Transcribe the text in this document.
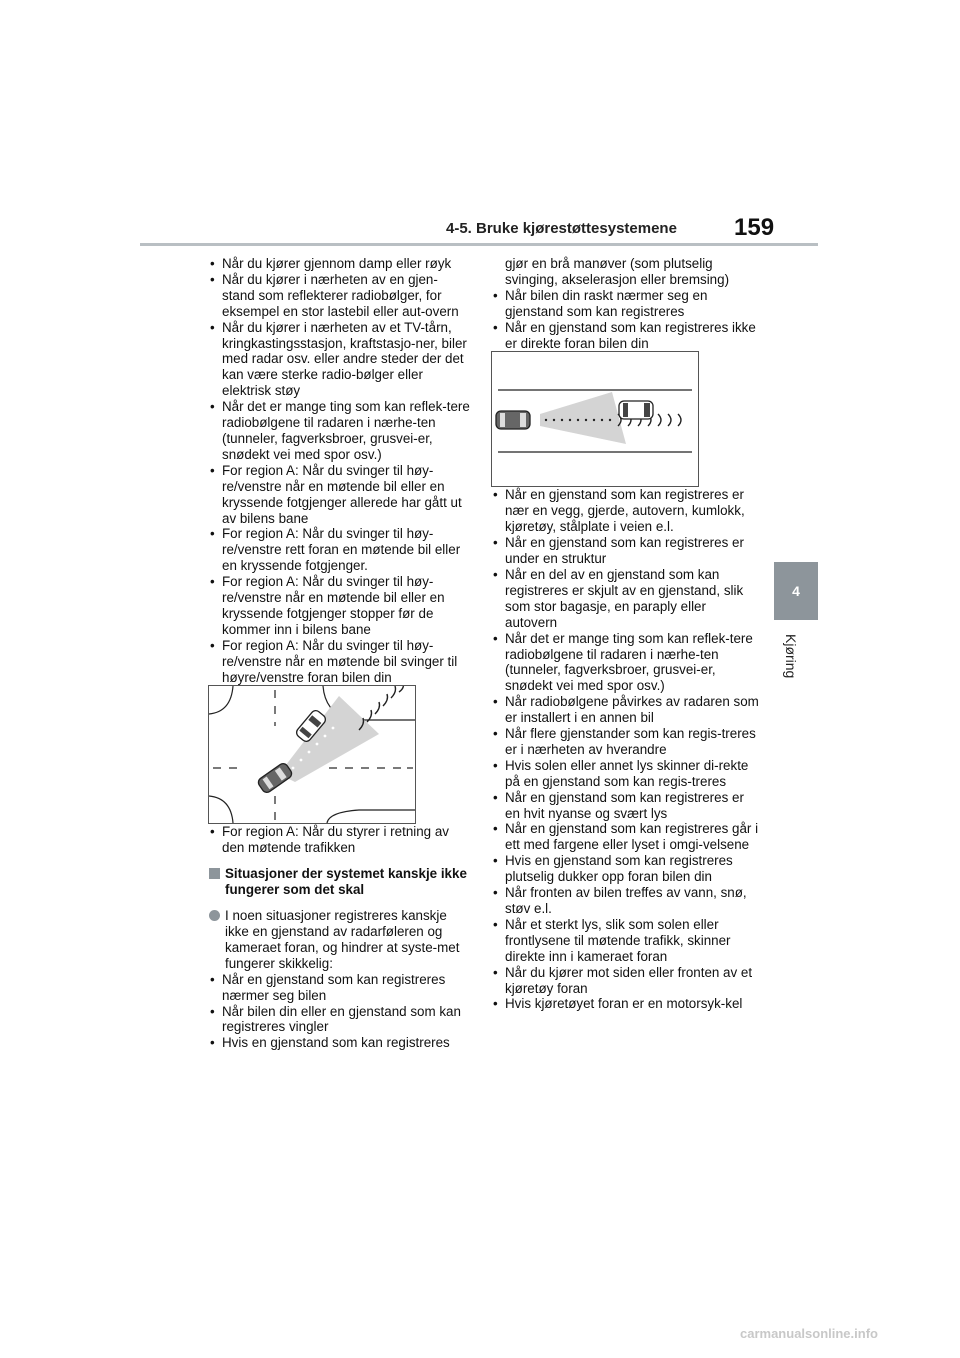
4-5. Bruke kjørestøttesystemene 159
4
Kjøring
• Når du kjører gjennom damp eller røyk
• Når du kjører i nærheten av en gjen-stand som reflekterer radiobølger, for eksempel en stor lastebil eller aut-overn
• Når du kjører i nærheten av et TV-tårn, kringkastingsstasjon, kraftstasjo-ner, biler med radar osv. eller andre steder der det kan være sterke radio-bølger eller elektrisk støy
• Når det er mange ting som kan reflek-tere radiobølgene til radaren i nærhe-ten (tunneler, fagverksbroer, grusvei-er, snødekt vei med spor osv.)
• For region A: Når du svinger til høy-re/venstre når en møtende bil eller en kryssende fotgjenger allerede har gått ut av bilens bane
• For region A: Når du svinger til høy-re/venstre rett foran en møtende bil eller en kryssende fotgjenger.
• For region A: Når du svinger til høy-re/venstre når en møtende bil eller en kryssende fotgjenger stopper før de kommer inn i bilens bane
• For region A: Når du svinger til høy-re/venstre når en møtende bil svinger til høyre/venstre foran bilen din
• For region A: Når du styrer i retning av den møtende trafikken
Situasjoner der systemet kanskje ikke fungerer som det skal
I noen situasjoner registreres kanskje ikke en gjenstand av radarføleren og kameraet foran, og hindrer at syste-met fungerer skikkelig:
• Når en gjenstand som kan registreres nærmer seg bilen
• Når bilen din eller en gjenstand som kan registreres vingler
• Hvis en gjenstand som kan registreres
gjør en brå manøver (som plutselig svinging, akselerasjon eller bremsing)
• Når bilen din raskt nærmer seg en gjenstand som kan registreres
• Når en gjenstand som kan registreres ikke er direkte foran bilen din
• Når en gjenstand som kan registreres er nær en vegg, gjerde, autovern, kumlokk, kjøretøy, stålplate i veien e.l.
• Når en gjenstand som kan registreres er under en struktur
• Når en del av en gjenstand som kan registreres er skjult av en gjenstand, slik som stor bagasje, en paraply eller autovern
• Når det er mange ting som kan reflek-tere radiobølgene til radaren i nærhe-ten (tunneler, fagverksbroer, grusvei-er, snødekt vei med spor osv.)
• Når radiobølgene påvirkes av radaren som er installert i en annen bil
• Når flere gjenstander som kan regis-treres er i nærheten av hverandre
• Hvis solen eller annet lys skinner di-rekte på en gjenstand som kan regis-treres
• Når en gjenstand som kan registreres er en hvit nyanse og svært lys
• Når en gjenstand som kan registreres går i ett med fargene eller lyset i omgi-velsene
• Hvis en gjenstand som kan registreres plutselig dukker opp foran bilen din
• Når fronten av bilen treffes av vann, snø, støv e.l.
• Når et sterkt lys, slik som solen eller frontlysene til møtende trafikk, skinner direkte inn i kameraet foran
• Når du kjører mot siden eller fronten av et kjøretøy foran
• Hvis kjøretøyet foran er en motorsyk-kel
carmanualsonline.info
